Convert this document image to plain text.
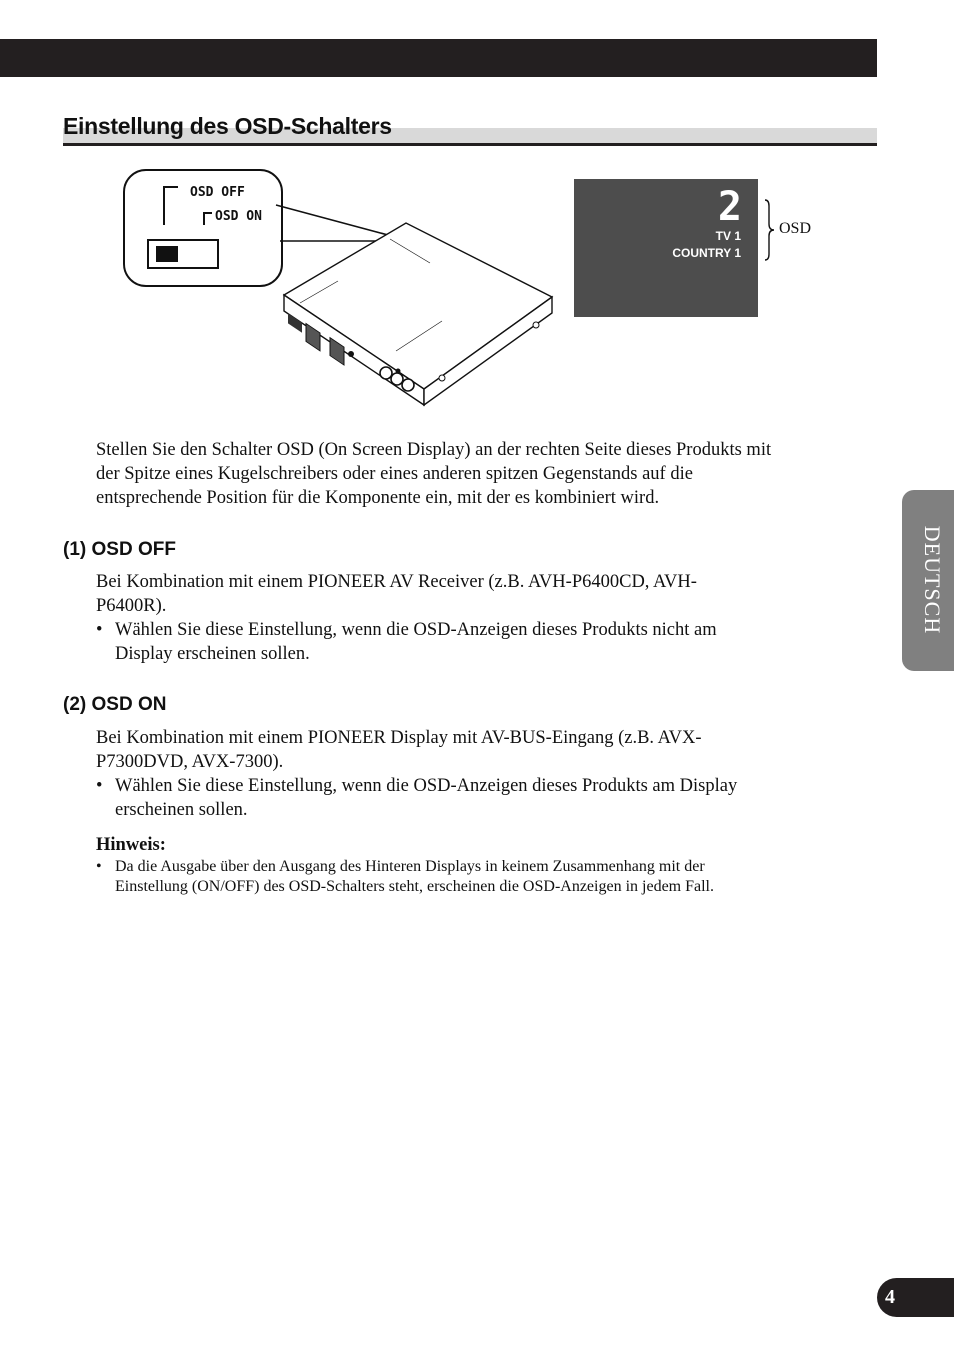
Einstellung des OSD-Schalters
OSD OFF
OSD ON	2
TV 1
COUNTRY 1
OSD
Stellen Sie den Schalter OSD (On Screen Display) an der rechten Seite dieses Produkts mit
der Spitze eines Kugelschreibers oder eines anderen spitzen Gegenstands auf die
entsprechende Position für die Komponente ein, mit der es kombiniert wird.
(1) OSD OFF
Bei Kombination mit einem PIONEER AV Receiver (z.B. AVH-P6400CD, AVH-
P6400R).
• Wählen Sie diese Einstellung, wenn die OSD-Anzeigen dieses Produkts nicht am
Display erscheinen sollen.
(2) OSD ON
Bei Kombination mit einem PIONEER Display mit AV-BUS-Eingang (z.B. AVX-
P7300DVD, AVX-7300).
• Wählen Sie diese Einstellung, wenn die OSD-Anzeigen dieses Produkts am Display
erscheinen sollen.
Hinweis:
• Da die Ausgabe über den Ausgang des Hinteren Displays in keinem Zusammenhang mit der
Einstellung (ON/OFF) des OSD-Schalters steht, erscheinen die OSD-Anzeigen in jedem Fall.
DEUTSCH
4
